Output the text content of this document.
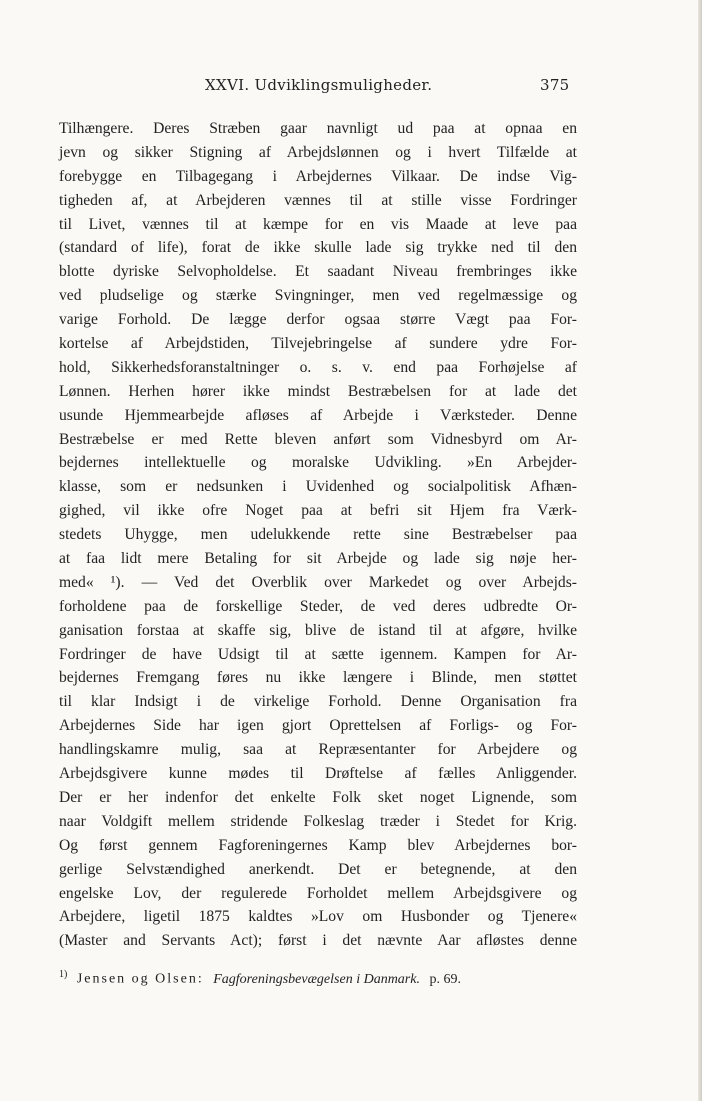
XXVI. Udviklingsmuligheder.	375
Tilhængere. Deres Stræben gaar navnligt ud paa at opnaa en
jevn og sikker Stigning af Arbejdslønnen og i hvert Tilfælde at
forebygge en Tilbagegang i Arbejdernes Vilkaar. De indse Vig-
tigheden af, at Arbejderen vænnes til at stille visse Fordringer
til Livet, vænnes til at kæmpe for en vis Maade at leve paa
(standard of life), forat de ikke skulle lade sig trykke ned til den
blotte dyriske Selvopholdelse. Et saadant Niveau frembringes ikke
ved pludselige og stærke Svingninger, men ved regelmæssige og
varige Forhold. De lægge derfor ogsaa større Vægt paa For-
kortelse af Arbejdstiden, Tilvejebringelse af sundere ydre For-
hold, Sikkerhedsforanstaltninger o. s. v. end paa Forhøjelse af
Lønnen. Herhen hører ikke mindst Bestræbelsen for at lade det
usunde Hjemmearbejde afløses af Arbejde i Værksteder. Denne
Bestræbelse er med Rette bleven anført som Vidnesbyrd om Ar-
bejdernes intellektuelle og moralske Udvikling. »En Arbejder-
klasse, som er nedsunken i Uvidenhed og socialpolitisk Afhæn-
gighed, vil ikke ofre Noget paa at befri sit Hjem fra Værk-
stedets Uhygge, men udelukkende rette sine Bestræbelser paa
at faa lidt mere Betaling for sit Arbejde og lade sig nøje her-
med« ¹). — Ved det Overblik over Markedet og over Arbejds-
forholdene paa de forskellige Steder, de ved deres udbredte Or-
ganisation forstaa at skaffe sig, blive de istand til at afgøre, hvilke
Fordringer de have Udsigt til at sætte igennem. Kampen for Ar-
bejdernes Fremgang føres nu ikke længere i Blinde, men støttet
til klar Indsigt i de virkelige Forhold. Denne Organisation fra
Arbejdernes Side har igen gjort Oprettelsen af Forligs- og For-
handlingskamre mulig, saa at Repræsentanter for Arbejdere og
Arbejdsgivere kunne mødes til Drøftelse af fælles Anliggender.
Der er her indenfor det enkelte Folk sket noget Lignende, som
naar Voldgift mellem stridende Folkeslag træder i Stedet for Krig.
Og først gennem Fagforeningernes Kamp blev Arbejdernes bor-
gerlige Selvstændighed anerkendt. Det er betegnende, at den
engelske Lov, der regulerede Forholdet mellem Arbejdsgivere og
Arbejdere, ligetil 1875 kaldtes »Lov om Husbonder og Tjenere«
(Master and Servants Act); først i det nævnte Aar afløstes denne
$^{1)}$ Jensen og Olsen: Fagforeningsbevægelsen i Danmark. p. 69.
